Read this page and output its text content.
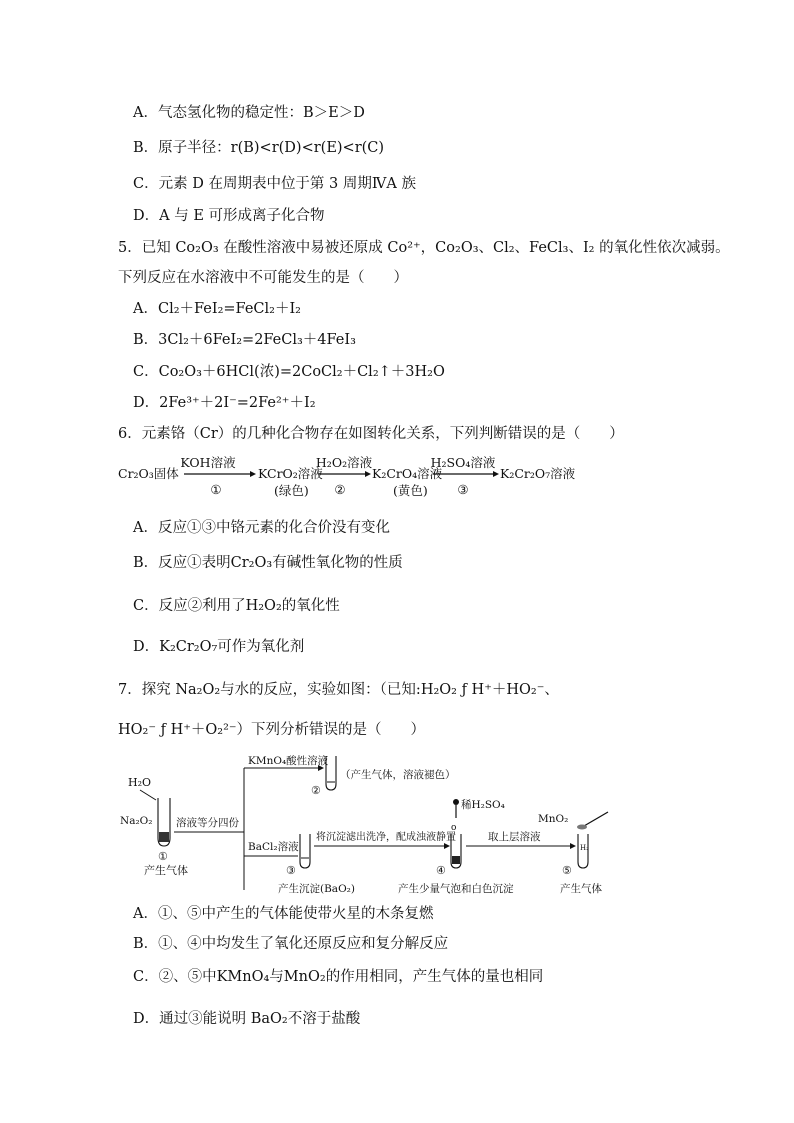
A．气态氢化物的稳定性：B＞E＞D
B．原子半径：r(B)<r(D)<r(E)<r(C)
C．元素 D 在周期表中位于第 3 周期ⅣA 族
D．A 与 E 可形成离子化合物
5．已知 Co₂O₃ 在酸性溶液中易被还原成 Co²⁺，Co₂O₃、Cl₂、FeCl₃、I₂ 的氧化性依次减弱。
下列反应在水溶液中不可能发生的是（　　）
A．Cl₂＋FeI₂=FeCl₂＋I₂
B．3Cl₂＋6FeI₂=2FeCl₃＋4FeI₃
C．Co₂O₃＋6HCl(浓)=2CoCl₂＋Cl₂↑＋3H₂O
D．2Fe³⁺＋2I⁻=2Fe²⁺＋I₂
6．元素铬（Cr）的几种化合物存在如图转化关系，下列判断错误的是（　　）
Cr₂O₃固体
KOH溶液
①
KCrO₂溶液
(绿色)
H₂O₂溶液
②
K₂CrO₄溶液
(黄色)
H₂SO₄溶液
③
K₂Cr₂O₇溶液
A．反应①③中铬元素的化合价没有变化
B．反应①表明Cr₂O₃有碱性氧化物的性质
C．反应②利用了H₂O₂的氧化性
D．K₂Cr₂O₇可作为氧化剂
7．探究 Na₂O₂与水的反应，实验如图：（已知:H₂O₂ ƒ H⁺＋HO₂⁻、
HO₂⁻ ƒ H⁺＋O₂²⁻）下列分析错误的是（　　）
H₂O
Na₂O₂
①
产生气体
溶液等分四份
KMnO₄酸性溶液
②
（产生气体，溶液褪色）
BaCl₂溶液
③
产生沉淀(BaO₂)
将沉淀滤出洗净，配成浊液静置
o
稀H₂SO₄
④
产生少量气泡和白色沉淀
取上层溶液
MnO₂
H₂
⑤
产生气体
A．①、⑤中产生的气体能使带火星的木条复燃
B．①、④中均发生了氧化还原反应和复分解反应
C．②、⑤中KMnO₄与MnO₂的作用相同，产生气体的量也相同
D．通过③能说明 BaO₂不溶于盐酸
